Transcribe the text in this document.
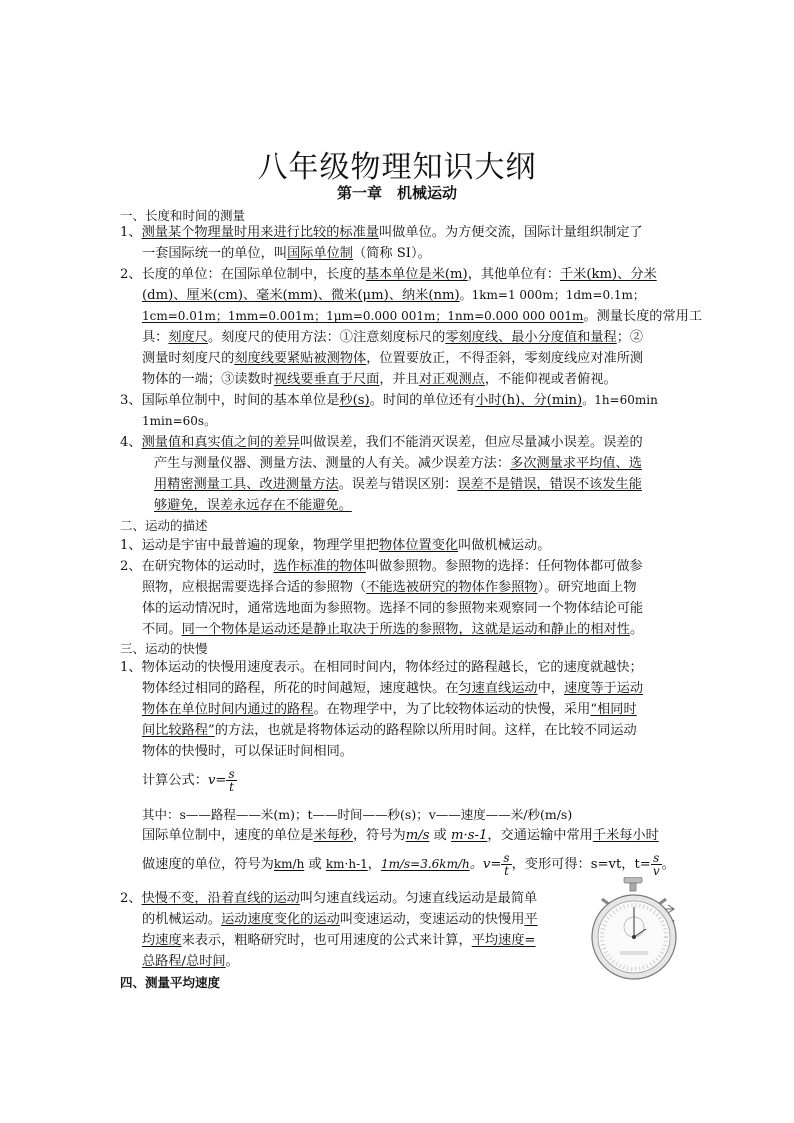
八年级物理知识大纲
第一章　机械运动
一、长度和时间的测量
1、测量某个物理量时用来进行比较的标准量叫做单位。为方便交流，国际计量组织制定了
一套国际统一的单位，叫国际单位制（简称 SI）。
2、长度的单位：在国际单位制中，长度的基本单位是米(m)，其他单位有：千米(km)、分米
(dm)、厘米(cm)、毫米(mm)、微米(μm)、纳米(nm)。1km=1 000m；1dm=0.1m；
1cm=0.01m；1mm=0.001m；1μm=0.000 001m；1nm=0.000 000 001m。测量长度的常用工
具：刻度尺。刻度尺的使用方法：①注意刻度标尺的零刻度线、最小分度值和量程；②
测量时刻度尺的刻度线要紧贴被测物体，位置要放正，不得歪斜，零刻度线应对准所测
物体的一端；③读数时视线要垂直于尺面，并且对正观测点，不能仰视或者俯视。
3、国际单位制中，时间的基本单位是秒(s)。时间的单位还有小时(h)、分(min)。1h=60min
1min=60s。
4、测量值和真实值之间的差异叫做误差，我们不能消灭误差，但应尽量减小误差。误差的
产生与测量仪器、测量方法、测量的人有关。减少误差方法：多次测量求平均值、选
用精密测量工具、改进测量方法。误差与错误区别：误差不是错误，错误不该发生能
够避免，误差永远存在不能避免。
二、运动的描述
1、运动是宇宙中最普遍的现象，物理学里把物体位置变化叫做机械运动。
2、在研究物体的运动时，选作标准的物体叫做参照物。参照物的选择：任何物体都可做参
照物，应根据需要选择合适的参照物（不能选被研究的物体作参照物）。研究地面上物
体的运动情况时，通常选地面为参照物。选择不同的参照物来观察同一个物体结论可能
不同。同一个物体是运动还是静止取决于所选的参照物，这就是运动和静止的相对性。
三、运动的快慢
1、物体运动的快慢用速度表示。在相同时间内，物体经过的路程越长，它的速度就越快；
物体经过相同的路程，所花的时间越短，速度越快。在匀速直线运动中，速度等于运动
物体在单位时间内通过的路程。在物理学中，为了比较物体运动的快慢，采用“相同时
间比较路程”的方法，也就是将物体运动的路程除以所用时间。这样，在比较不同运动
物体的快慢时，可以保证时间相同。
计算公式：$v= \frac{s}{t}$
其中：s——路程——米(m)；t——时间——秒(s)；v——速度——米/秒(m/s)
国际单位制中，速度的单位是米每秒，符号为m/s 或 m·s-1，交通运输中常用千米每小时
做速度的单位，符号为km/h 或 km·h-1，1m/s=3.6km/h。$v= \frac{s}{t}$ ，变形可得：s=vt，$t= \frac{s}{v}$ 。
2、快慢不变，沿着直线的运动叫匀速直线运动。匀速直线运动是最简单
的机械运动。运动速度变化的运动叫变速运动，变速运动的快慢用平
均速度来表示，粗略研究时，也可用速度的公式来计算，平均速度=
总路程/总时间。
四、测量平均速度
